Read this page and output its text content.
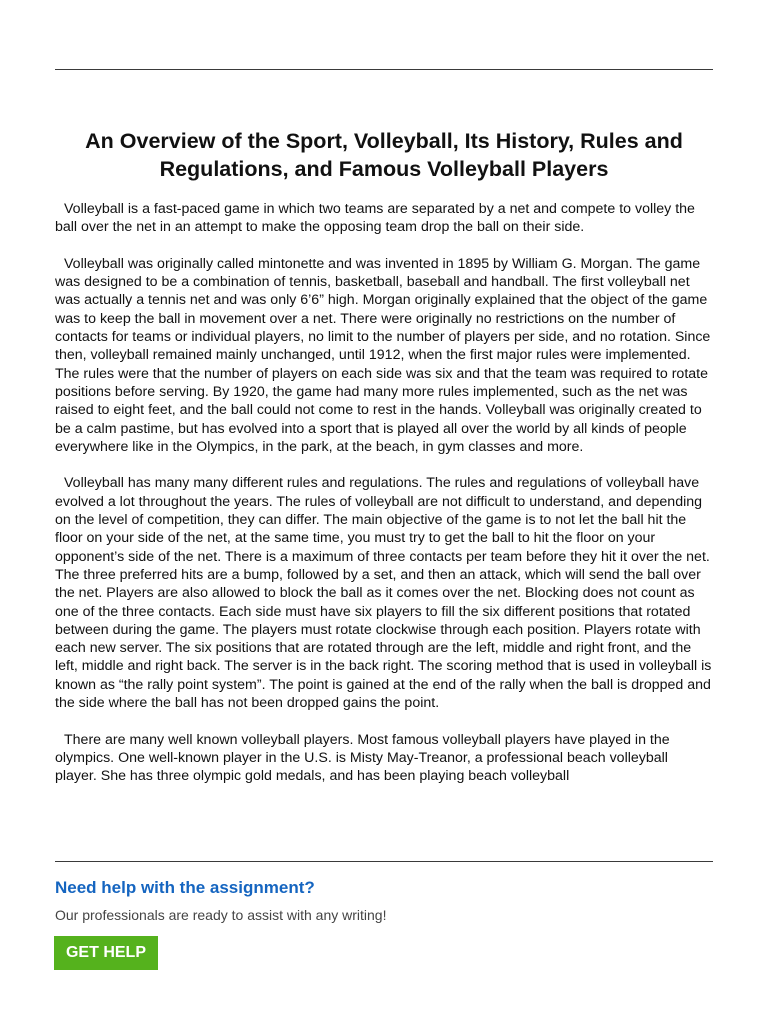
An Overview of the Sport, Volleyball, Its History, Rules and Regulations, and Famous Volleyball Players

Volleyball is a fast-paced game in which two teams are separated by a net and compete to volley the ball over the net in an attempt to make the opposing team drop the ball on their side.

Volleyball was originally called mintonette and was invented in 1895 by William G. Morgan. The game was designed to be a combination of tennis, basketball, baseball and handball. The first volleyball net was actually a tennis net and was only 6’6” high. Morgan originally explained that the object of the game was to keep the ball in movement over a net. There were originally no restrictions on the number of contacts for teams or individual players, no limit to the number of players per side, and no rotation. Since then, volleyball remained mainly unchanged, until 1912, when the first major rules were implemented. The rules were that the number of players on each side was six and that the team was required to rotate positions before serving. By 1920, the game had many more rules implemented, such as the net was raised to eight feet, and the ball could not come to rest in the hands. Volleyball was originally created to be a calm pastime, but has evolved into a sport that is played all over the world by all kinds of people everywhere like in the Olympics, in the park, at the beach, in gym classes and more.

Volleyball has many many different rules and regulations. The rules and regulations of volleyball have evolved a lot throughout the years. The rules of volleyball are not difficult to understand, and depending on the level of competition, they can differ. The main objective of the game is to not let the ball hit the floor on your side of the net, at the same time, you must try to get the ball to hit the floor on your opponent’s side of the net. There is a maximum of three contacts per team before they hit it over the net. The three preferred hits are a bump, followed by a set, and then an attack, which will send the ball over the net. Players are also allowed to block the ball as it comes over the net. Blocking does not count as one of the three contacts. Each side must have six players to fill the six different positions that rotated between during the game. The players must rotate clockwise through each position. Players rotate with each new server. The six positions that are rotated through are the left, middle and right front, and the left, middle and right back. The server is in the back right. The scoring method that is used in volleyball is known as “the rally point system”. The point is gained at the end of the rally when the ball is dropped and the side where the ball has not been dropped gains the point.

There are many well known volleyball players. Most famous volleyball players have played in the olympics. One well-known player in the U.S. is Misty May-Treanor, a professional beach volleyball player. She has three olympic gold medals, and has been playing beach volleyball

Need help with the assignment?

Our professionals are ready to assist with any writing!

GET HELP
